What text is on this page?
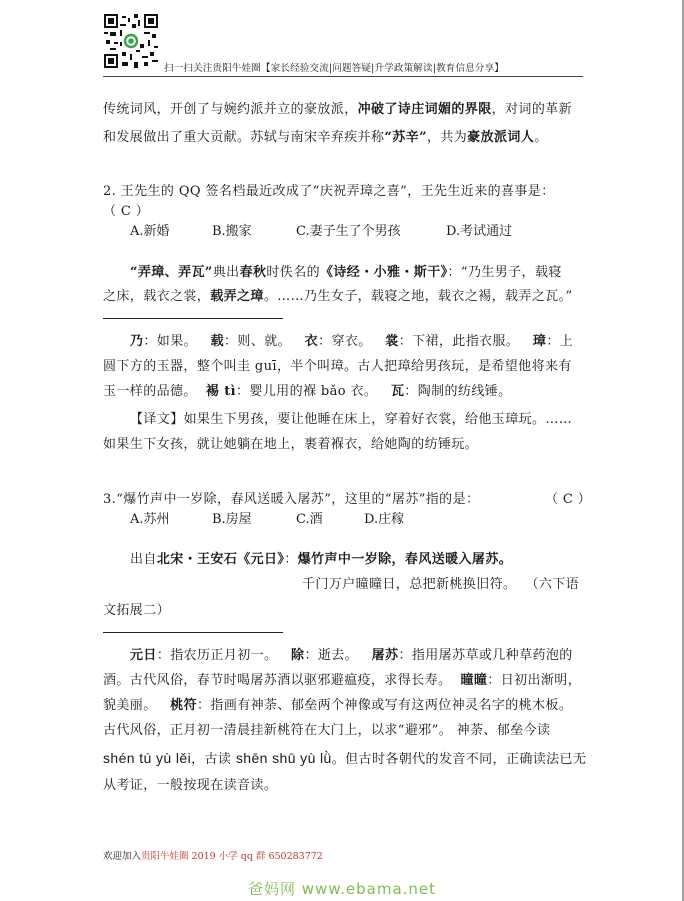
扫一扫关注贵阳牛娃圈【家长经验交流|问题答疑|升学政策解读|教育信息分享】
传统词风，开创了与婉约派并立的豪放派，冲破了诗庄词媚的界限，对词的革新
和发展做出了重大贡献。苏轼与南宋辛弃疾并称“苏辛”，共为豪放派词人。
2. 王先生的 QQ 签名档最近改成了“庆祝弄璋之喜”，王先生近来的喜事是：
（ C ）
A.新婚	B.搬家	C.妻子生了个男孩	D.考试通过
“弄璋、弄瓦”典出春秋时佚名的《诗经・小雅・斯干》：“乃生男子，载寝
之床，载衣之裳，载弄之璋。……乃生女子，载寝之地，载衣之裼，载弄之瓦。”
乃：如果。 载：则、就。 衣：穿衣。 裳：下裙，此指衣服。 璋：上
圆下方的玉器，整个叫圭 guī，半个叫璋。古人把璋给男孩玩，是希望他将来有
玉一样的品德。 裼 tì：婴儿用的褓 bǎo 衣。 瓦：陶制的纺线锤。
【译文】如果生下男孩，要让他睡在床上，穿着好衣裳，给他玉璋玩。……
如果生下女孩，就让她躺在地上，裹着褓衣，给她陶的纺锤玩。
3.“爆竹声中一岁除，春风送暖入屠苏”，这里的“屠苏”指的是：	（ C ）
A.苏州	B.房屋	C.酒	D.庄稼
出自北宋・王安石《元日》：爆竹声中一岁除，春风送暖入屠苏。
千门万户曈曈日，总把新桃换旧符。 （六下语
文拓展二）
元日：指农历正月初一。 除：逝去。 屠苏：指用屠苏草或几种草药泡的
酒。古代风俗，春节时喝屠苏酒以驱邪避瘟疫，求得长寿。 曈曈：日初出渐明，
貌美丽。 桃符：指画有神荼、郁垒两个神像或写有这两位神灵名字的桃木板。
古代风俗，正月初一清晨挂新桃符在大门上，以求“避邪”。 神荼、郁垒今读
shén tú yù lěi，古读 shēn shū yù lǜ。但古时各朝代的发音不同，正确读法已无
从考证，一般按现在读音读。
欢迎加入贵阳牛娃圈 2019 小学 qq 群 650283772
爸妈网 www.ebama.net
